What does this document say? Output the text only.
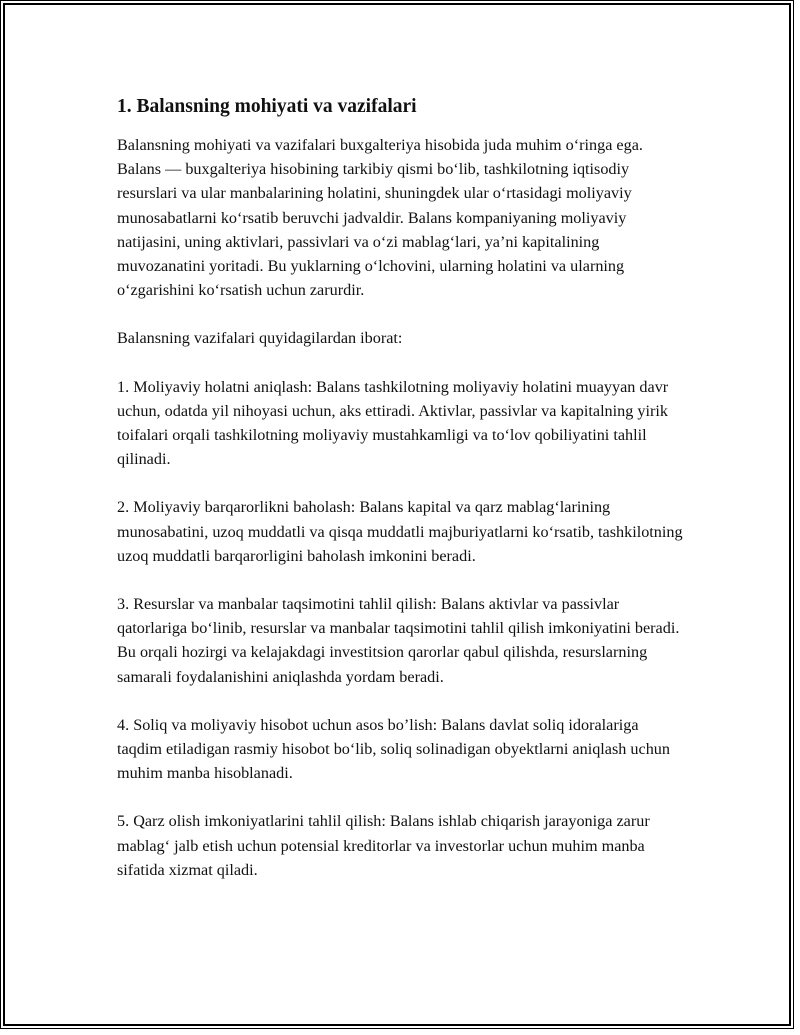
1. Balansning mohiyati va vazifalari

Balansning mohiyati va vazifalari buxgalteriya hisobida juda muhim oʻringa ega. Balans — buxgalteriya hisobining tarkibiy qismi boʻlib, tashkilotning iqtisodiy resurslari va ular manbalarining holatini, shuningdek ular oʻrtasidagi moliyaviy munosabatlarni koʻrsatib beruvchi jadvaldir. Balans kompaniyaning moliyaviy natijasini, uning aktivlari, passivlari va oʻzi mablagʻlari, yaʼni kapitalining muvozanatini yoritadi. Bu yuklarning oʻlchovini, ularning holatini va ularning oʻzgarishini koʻrsatish uchun zarurdir.

Balansning vazifalari quyidagilardan iborat:

1. Moliyaviy holatni aniqlash: Balans tashkilotning moliyaviy holatini muayyan davr uchun, odatda yil nihoyasi uchun, aks ettiradi. Aktivlar, passivlar va kapitalning yirik toifalari orqali tashkilotning moliyaviy mustahkamligi va toʻlov qobiliyatini tahlil qilinadi.

2. Moliyaviy barqarorlikni baholash: Balans kapital va qarz mablagʻlarining munosabatini, uzoq muddatli va qisqa muddatli majburiyatlarni koʻrsatib, tashkilotning uzoq muddatli barqarorligini baholash imkonini beradi.

3. Resurslar va manbalar taqsimotini tahlil qilish: Balans aktivlar va passivlar qatorlariga boʻlinib, resurslar va manbalar taqsimotini tahlil qilish imkoniyatini beradi. Bu orqali hozirgi va kelajakdagi investitsion qarorlar qabul qilishda, resurslarning samarali foydalanishini aniqlashda yordam beradi.

4. Soliq va moliyaviy hisobot uchun asos bo’lish: Balans davlat soliq idoralariga taqdim etiladigan rasmiy hisobot boʻlib, soliq solinadigan obyektlarni aniqlash uchun muhim manba hisoblanadi.

5. Qarz olish imkoniyatlarini tahlil qilish: Balans ishlab chiqarish jarayoniga zarur mablagʻ jalb etish uchun potensial kreditorlar va investorlar uchun muhim manba sifatida xizmat qiladi.
